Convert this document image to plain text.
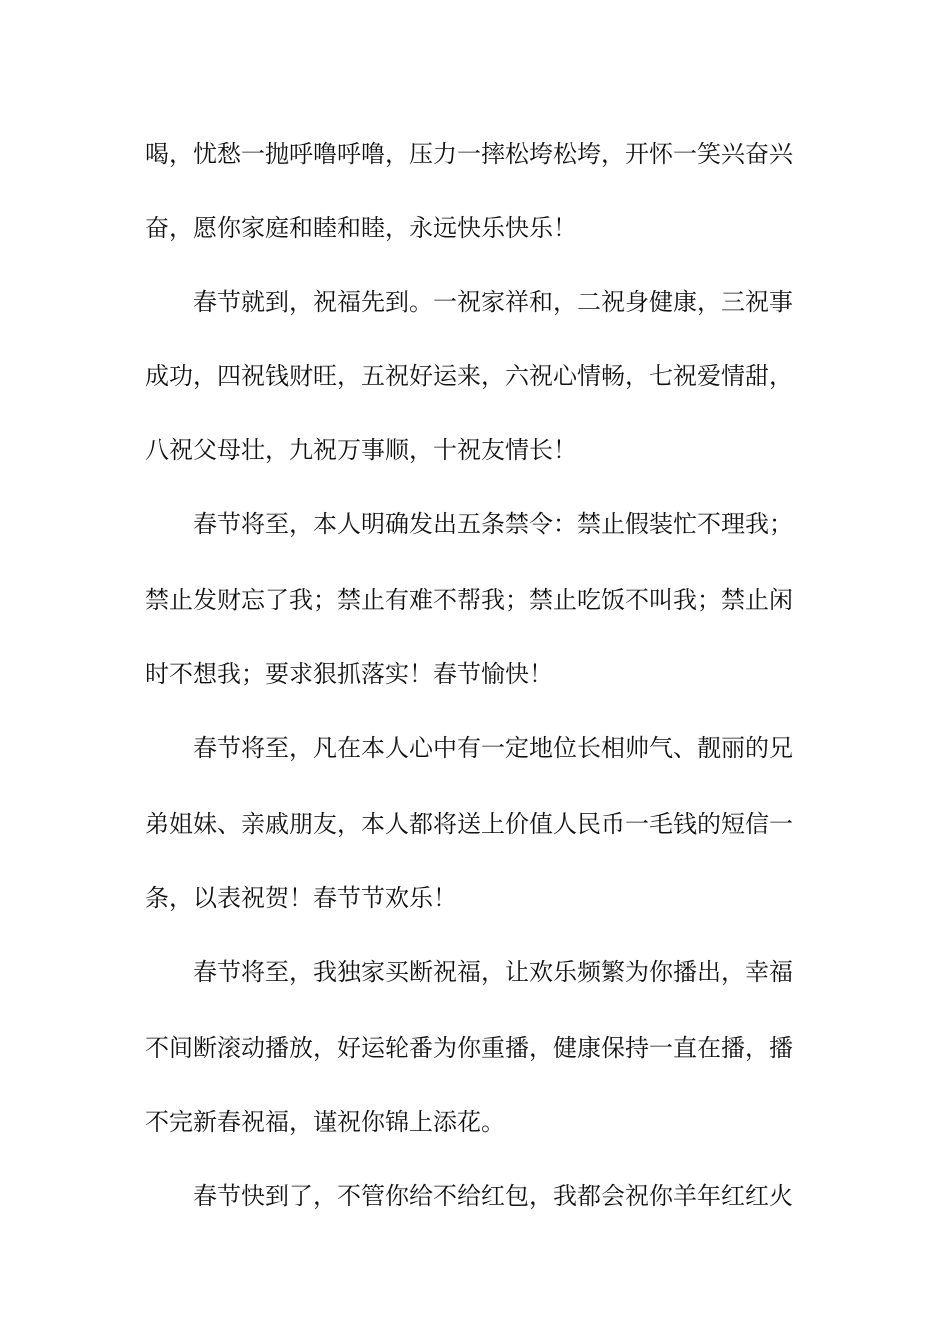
喝，忧愁一抛呼噜呼噜，压力一摔松垮松垮，开怀一笑兴奋兴
奋，愿你家庭和睦和睦，永远快乐快乐！
春节就到，祝福先到。一祝家祥和，二祝身健康，三祝事
成功，四祝钱财旺，五祝好运来，六祝心情畅，七祝爱情甜，
八祝父母壮，九祝万事顺，十祝友情长！
春节将至，本人明确发出五条禁令：禁止假装忙不理我；
禁止发财忘了我；禁止有难不帮我；禁止吃饭不叫我；禁止闲
时不想我；要求狠抓落实！春节愉快！
春节将至，凡在本人心中有一定地位长相帅气、靓丽的兄
弟姐妹、亲戚朋友，本人都将送上价值人民币一毛钱的短信一
条，以表祝贺！春节节欢乐！
春节将至，我独家买断祝福，让欢乐频繁为你播出，幸福
不间断滚动播放，好运轮番为你重播，健康保持一直在播，播
不完新春祝福，谨祝你锦上添花。
春节快到了，不管你给不给红包，我都会祝你羊年红红火
